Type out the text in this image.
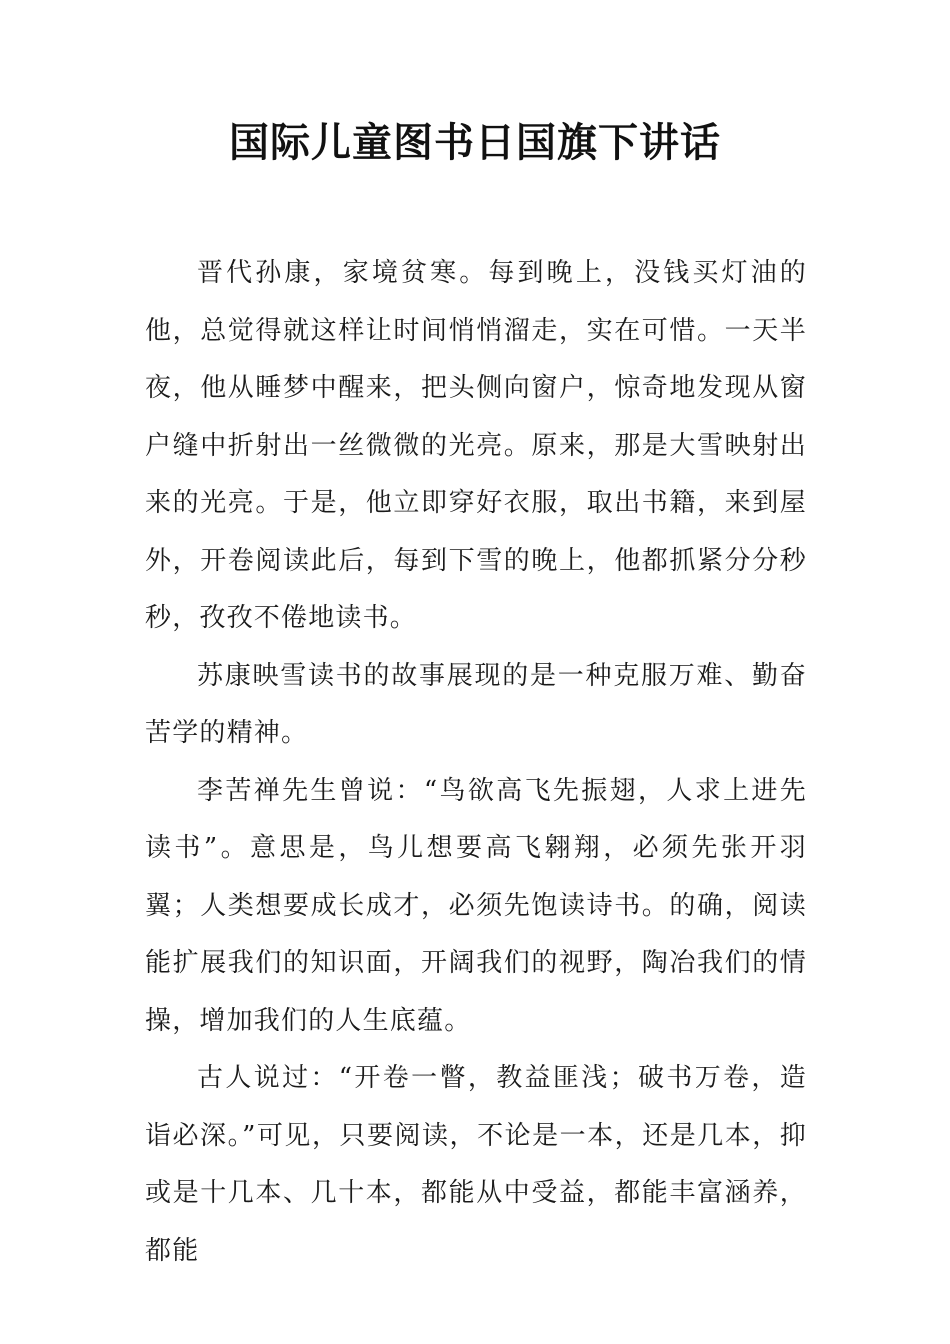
国际儿童图书日国旗下讲话

晋代孙康，家境贫寒。每到晚上，没钱买灯油的他，总觉得就这样让时间悄悄溜走，实在可惜。一天半夜，他从睡梦中醒来，把头侧向窗户，惊奇地发现从窗户缝中折射出一丝微微的光亮。原来，那是大雪映射出来的光亮。于是，他立即穿好衣服，取出书籍，来到屋外，开卷阅读此后，每到下雪的晚上，他都抓紧分分秒秒，孜孜不倦地读书。

苏康映雪读书的故事展现的是一种克服万难、勤奋苦学的精神。

李苦禅先生曾说：“鸟欲高飞先振翅，人求上进先读书”。意思是，鸟儿想要高飞翱翔，必须先张开羽翼；人类想要成长成才，必须先饱读诗书。的确，阅读能扩展我们的知识面，开阔我们的视野，陶冶我们的情操，增加我们的人生底蕴。

古人说过：“开卷一瞥，教益匪浅；破书万卷，造诣必深。”可见，只要阅读，不论是一本，还是几本，抑或是十几本、几十本，都能从中受益，都能丰富涵养，都能
